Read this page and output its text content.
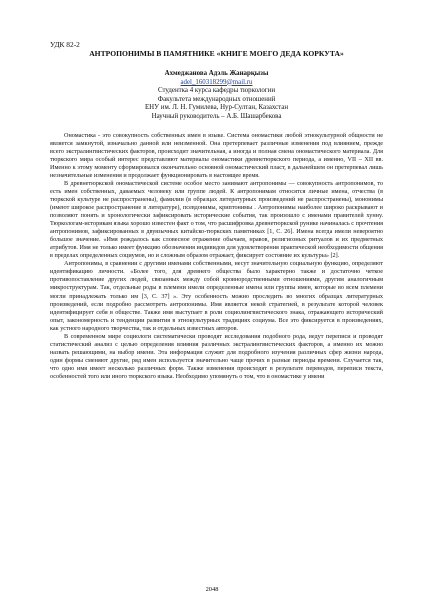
УДК 82-2

АНТРОПОНИМЫ В ПАМЯТНИКЕ «КНИГЕ МОЕГО ДЕДА КОРКУТА»
Ахмеджанова Адэль Жанарқызы
adel_160318299@mail.ru
Студентка 4 курса кафедры тюркологии
Факультета международных отношений
ЕНУ им. Л. Н. Гумилева, Нур-Султан, Казахстан
Научный руководитель – А.Б. Шашарбекова

Ономастика - это совокупность собственных имен в языке. Система ономастики любой этнокультурной общности не является замкнутой, изначально данной или неизменной. Она претерпевает различные изменения под влиянием, прежде всего экстралингвистических факторов, происходит значительная, а иногда и полная смена ономастического материала. Для тюркского мира особый интерес представляют материалы ономастики древнетюркского периода, а именно, VII – XII вв. Именно к этому моменту сформировался окончательно основной ономастический пласт, в дальнейшем он претерпевал лишь незначительные изменения и продолжает функционировать в настоящее время.

В древнетюркской ономастической системе особое место занимают антропонимы — совокупность антропонимов, то есть имен собственных, даваемых человеку или группе людей. К антропонимам относятся личные имена, отчества (в тюркской культуре не распространены), фамилии (в образцах литературных произведений не распространены), мононимы (имеют широкое распространение в литературе), псевдонимы, криптонимы . Антропонимы наиболее широко раскрывают и позволяют понять и хронологически зафиксировать исторические события, так произошло с именами правителей хунну. Тюркологам-историкам языка хорошо известен факт о том, что расшифровка древнетюркской рунике начиналась с прочтения антропонимов, зафиксированных в двуязычных китайско-тюркских памятниках [1, С. 26]. Имена всегда имели невероятно большое значение. «Имя рождалось как словесное отражение обычаев, нравов, религиозных ритуалов и их предметных атрибутов. Имя не только имеет функцию обозначения индивидов для удовлетворения практической необходимости общения в пределах определенных социумов, но и сложным образом отражает, фиксирует состояние их культуры» [2].

Антропонимы, в сравнении с другими именами собственными, несут значительную социальную функцию, определяют идентификацию личности. «Более того, для древнего общества было характерно также и достаточно четкое противопоставление других людей, связанных между собой кровнородственными отношениями, другим аналогичным микроструктурам. Так, отдельные роды в племени имели определенные имена или группы имен, которые во всем племени могли принадлежать только им [3, С. 37] ». Эту особенность можно проследить во многих образцах литературных произведений, если подробно рассмотреть антропонимы. Имя является некой стратегией, в результате которой человек идентифицирует себя в обществе. Также имя выступает в роли социолингвистического знака, отражающего исторический опыт, закономерность и тенденции развития в этнокультурных традициях социума. Все это фиксируется в произведениях, как устного народного творчества, так и отдельных известных авторов.

В современном мире социологи систематически проводят исследования подобного рода, ведут переписи и проводят статистический анализ с целью определения влияния различных экстралингвистических факторов, а именно их можно назвать решающими, на выбор имени. Эта информация служит для подробного изучения различных сфер жизни народа, один формы сменяют другие, ряд имен используется значительно чаще прочих в разные периоды времени. Случается так, что одно имя имеет несколько различных форм. Также изменения происходят в результате переводов, переписи текста, особенностей того или иного тюркского языка. Необходимо упомянуть о том, что в ономастике у имени

2048
